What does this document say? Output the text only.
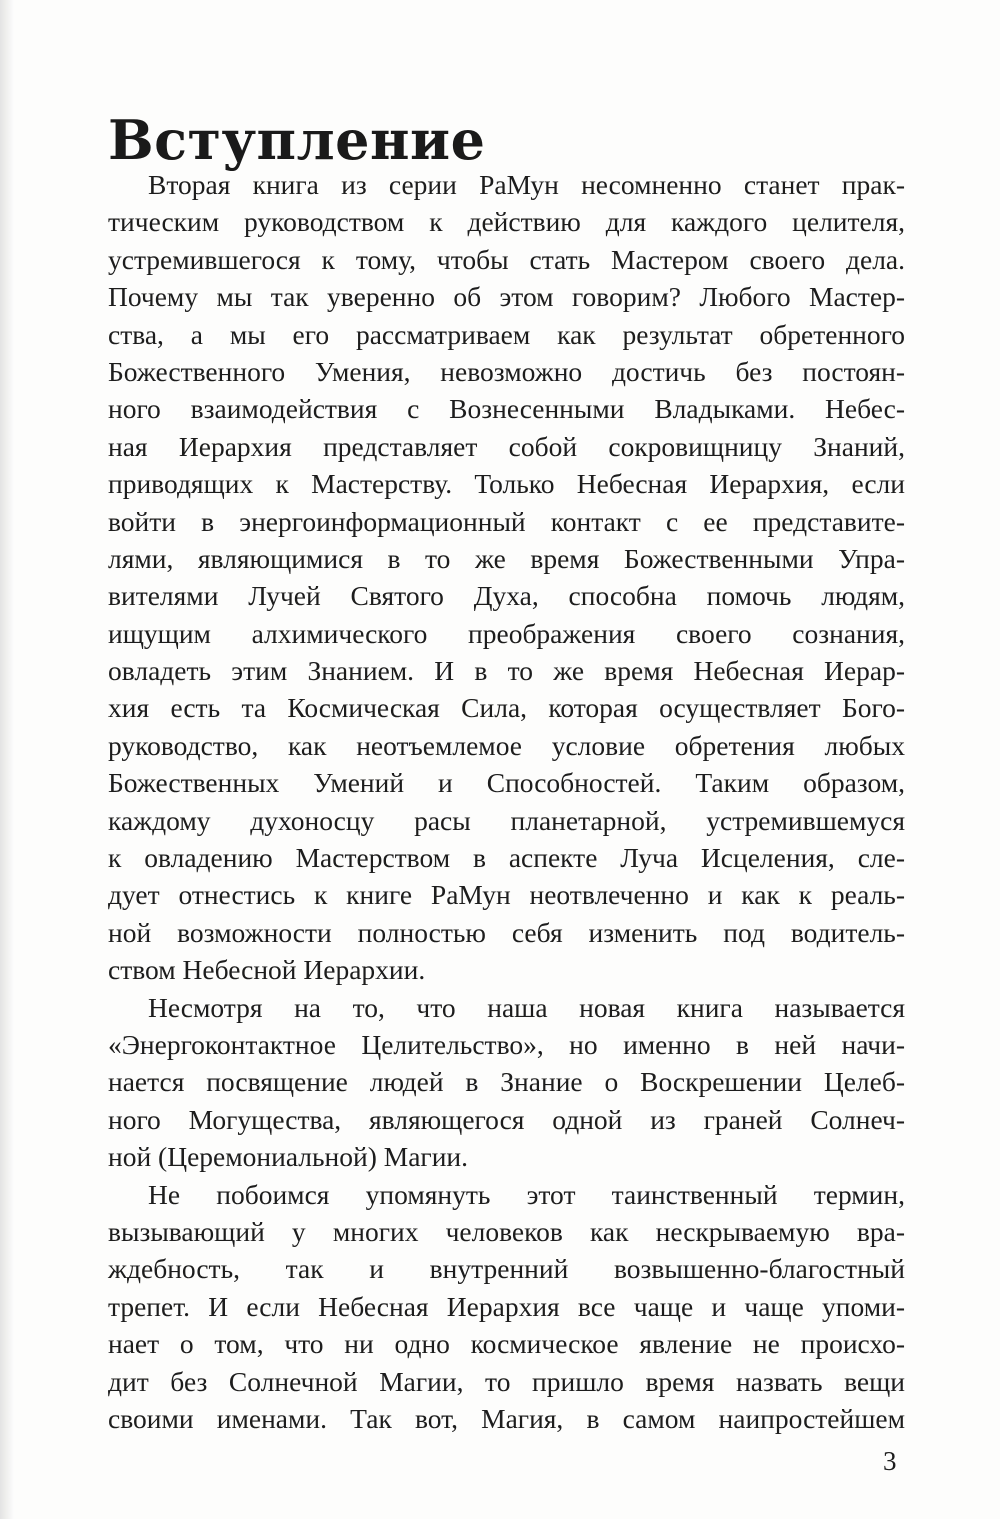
Вступление
Вторая книга из серии РаМун несомненно станет прак-
тическим руководством к действию для каждого целителя,
устремившегося к тому, чтобы стать Мастером своего дела.
Почему мы так уверенно об этом говорим? Любого Мастер-
ства, а мы его рассматриваем как результат обретенного
Божественного Умения, невозможно достичь без постоян-
ного взаимодействия с Вознесенными Владыками. Небес-
ная Иерархия представляет собой сокровищницу Знаний,
приводящих к Мастерству. Только Небесная Иерархия, если
войти в энергоинформационный контакт с ее представите-
лями, являющимися в то же время Божественными Упра-
вителями Лучей Святого Духа, способна помочь людям,
ищущим алхимического преображения своего сознания,
овладеть этим Знанием. И в то же время Небесная Иерар-
хия есть та Космическая Сила, которая осуществляет Бого-
руководство, как неотъемлемое условие обретения любых
Божественных Умений и Способностей. Таким образом,
каждому духоносцу расы планетарной, устремившемуся
к овладению Мастерством в аспекте Луча Исцеления, сле-
дует отнестись к книге РаМун неотвлеченно и как к реаль-
ной возможности полностью себя изменить под водитель-
ством Небесной Иерархии.
Несмотря на то, что наша новая книга называется
«Энергоконтактное Целительство», но именно в ней начи-
нается посвящение людей в Знание о Воскрешении Целеб-
ного Могущества, являющегося одной из граней Солнеч-
ной (Церемониальной) Магии.
Не побоимся упомянуть этот таинственный термин,
вызывающий у многих человеков как нескрываемую вра-
ждебность, так и внутренний возвышенно-благостный
трепет. И если Небесная Иерархия все чаще и чаще упоми-
нает о том, что ни одно космическое явление не происхо-
дит без Солнечной Магии, то пришло время назвать вещи
своими именами. Так вот, Магия, в самом наипростейшем
3
